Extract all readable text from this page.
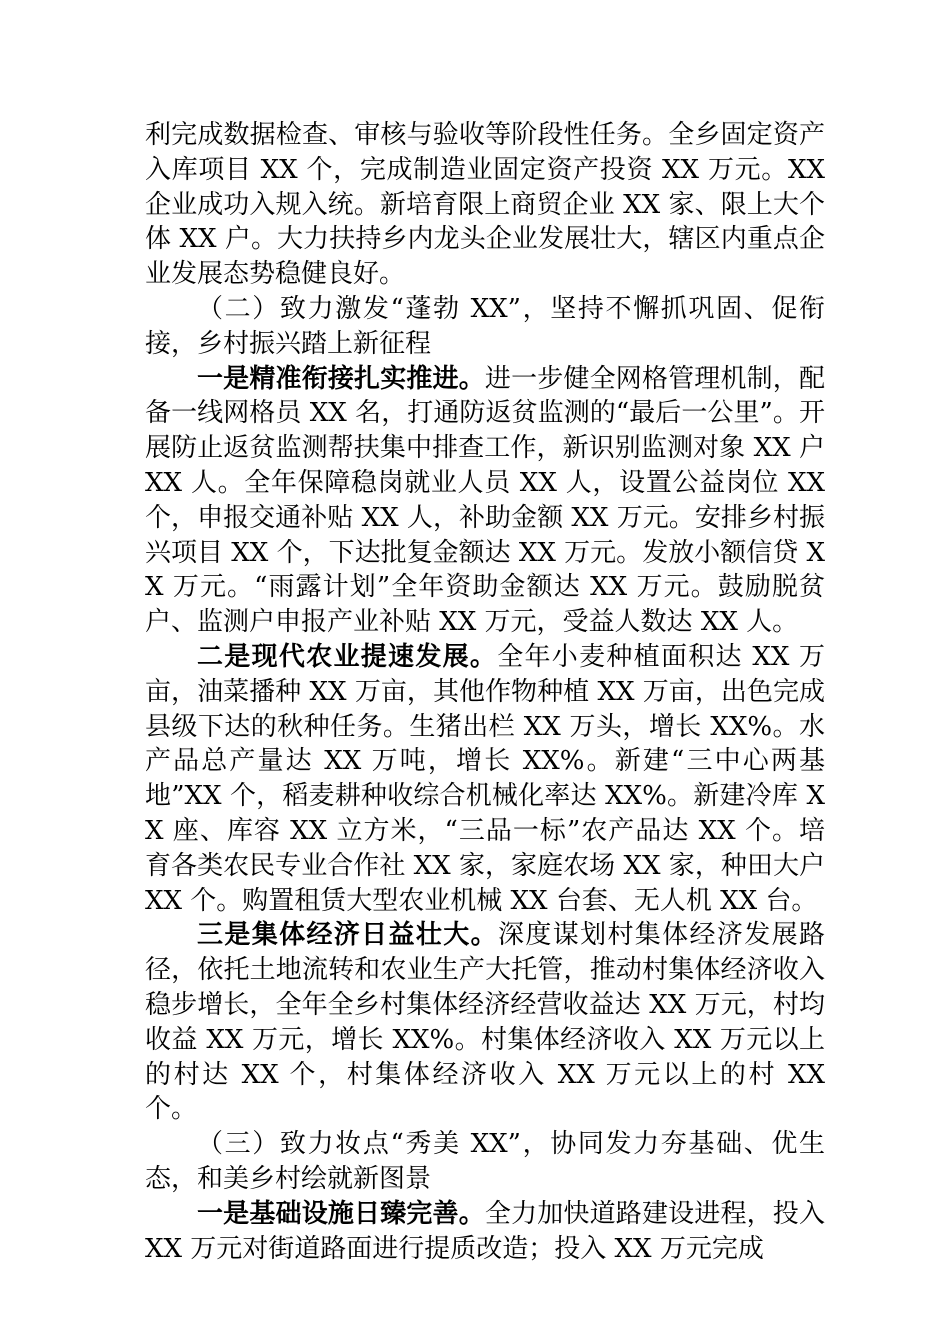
利完成数据检查、审核与验收等阶段性任务。全乡固定资产入库项目 XX 个，完成制造业固定资产投资 XX 万元。XX 企业成功入规入统。新培育限上商贸企业 XX 家、限上大个体 XX 户。大力扶持乡内龙头企业发展壮大，辖区内重点企业发展态势稳健良好。

（二）致力激发“蓬勃 XX”，坚持不懈抓巩固、促衔接，乡村振兴踏上新征程

一是精准衔接扎实推进。进一步健全网格管理机制，配备一线网格员 XX 名，打通防返贫监测的“最后一公里”。开展防止返贫监测帮扶集中排查工作，新识别监测对象 XX 户 XX 人。全年保障稳岗就业人员 XX 人，设置公益岗位 XX 个，申报交通补贴 XX 人，补助金额 XX 万元。安排乡村振兴项目 XX 个，下达批复金额达 XX 万元。发放小额信贷 XX 万元。“雨露计划”全年资助金额达 XX 万元。鼓励脱贫户、监测户申报产业补贴 XX 万元，受益人数达 XX 人。

二是现代农业提速发展。全年小麦种植面积达 XX 万亩，油菜播种 XX 万亩，其他作物种植 XX 万亩，出色完成县级下达的秋种任务。生猪出栏 XX 万头，增长 XX%。水产品总产量达 XX 万吨，增长 XX%。新建“三中心两基地”XX 个，稻麦耕种收综合机械化率达 XX%。新建冷库 XX 座、库容 XX 立方米，“三品一标”农产品达 XX 个。培育各类农民专业合作社 XX 家，家庭农场 XX 家，种田大户 XX 个。购置租赁大型农业机械 XX 台套、无人机 XX 台。

三是集体经济日益壮大。深度谋划村集体经济发展路径，依托土地流转和农业生产大托管，推动村集体经济收入稳步增长，全年全乡村集体经济经营收益达 XX 万元，村均收益 XX 万元，增长 XX%。村集体经济收入 XX 万元以上的村达 XX 个，村集体经济收入 XX 万元以上的村 XX 个。

（三）致力妆点“秀美 XX”，协同发力夯基础、优生态，和美乡村绘就新图景

一是基础设施日臻完善。全力加快道路建设进程，投入 XX 万元对街道路面进行提质改造；投入 XX 万元完成
